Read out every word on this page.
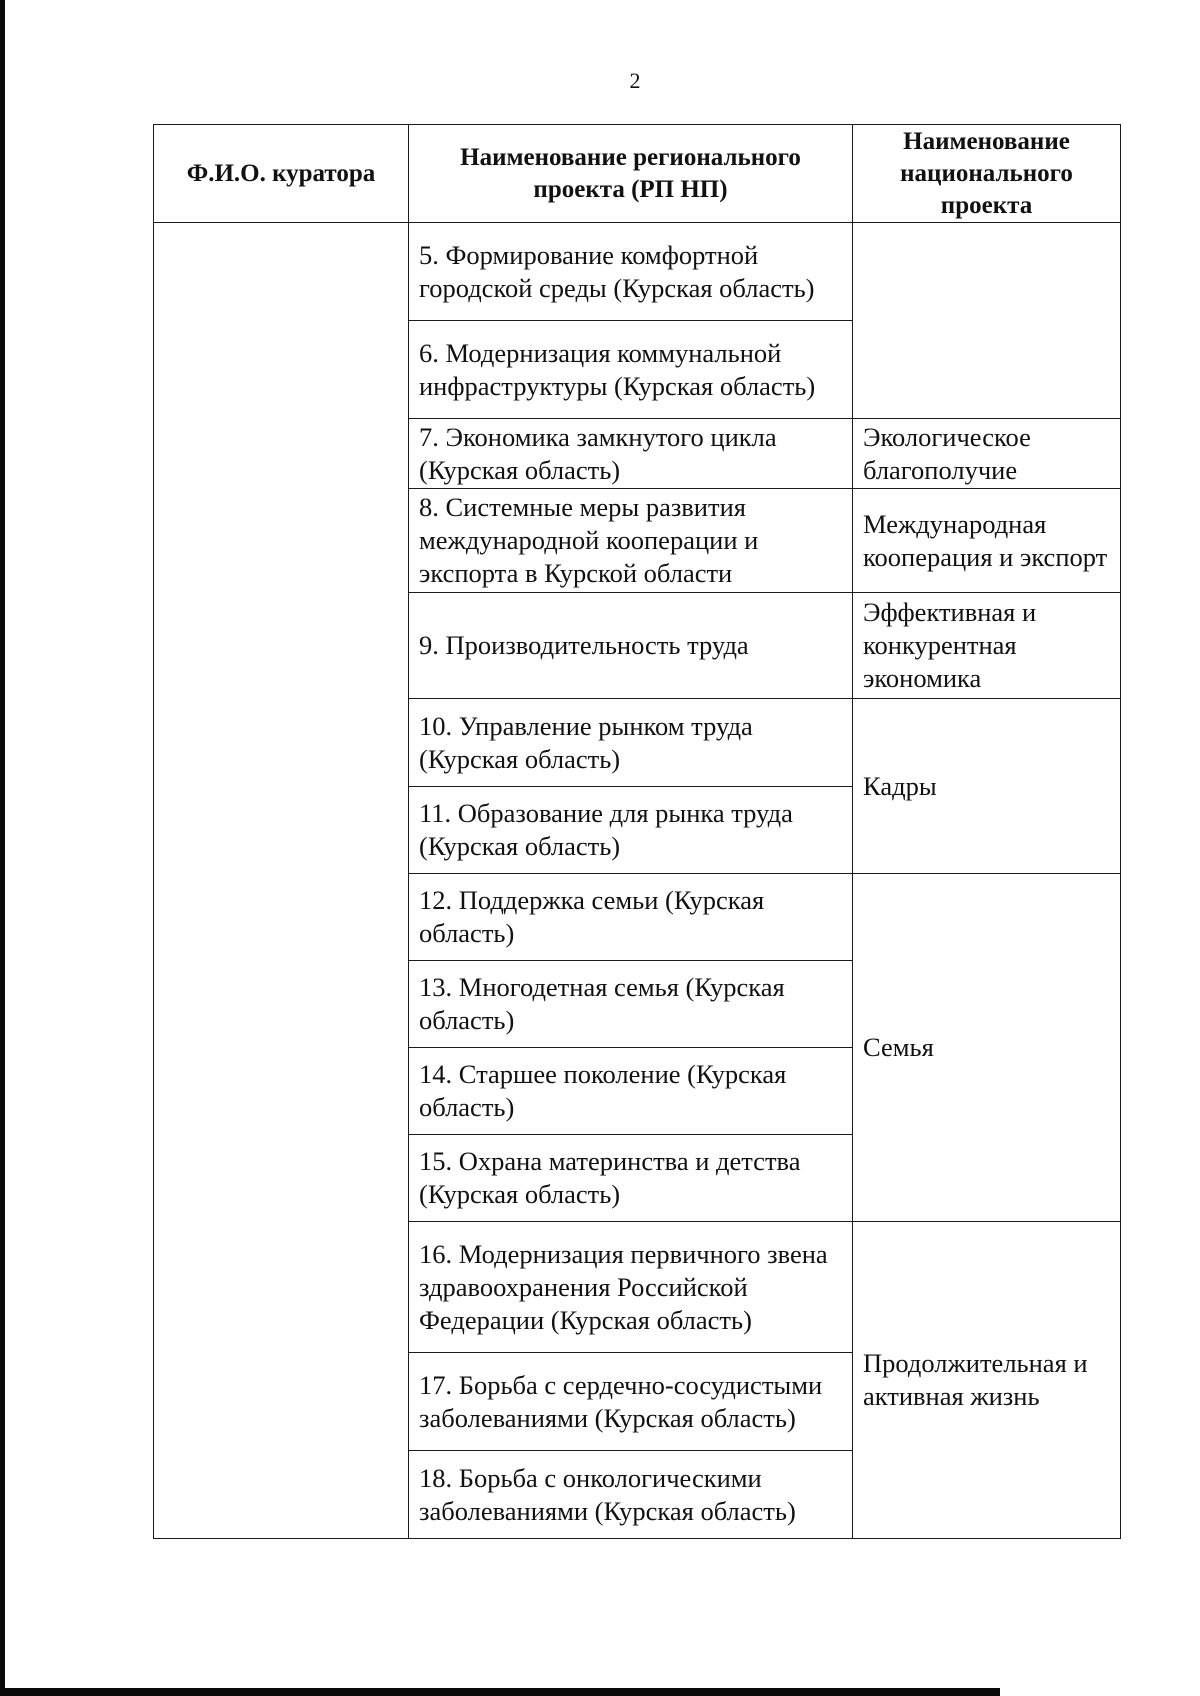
2
Ф.И.О. куратора	Наименование регионального проекта (РП НП)	Наименование национального проекта
	5. Формирование комфортной городской среды (Курская область)	
	6. Модернизация коммунальной инфраструктуры (Курская область)	
	7. Экономика замкнутого цикла (Курская область)	Экологическое благополучие
	8. Системные меры развития международной кооперации и экспорта в Курской области	Международная кооперация и экспорт
	9. Производительность труда	Эффективная и конкурентная экономика
	10. Управление рынком труда (Курская область)	Кадры
	11. Образование для рынка труда (Курская область)	
	12. Поддержка семьи (Курская область)	Семья
	13. Многодетная семья (Курская область)	
	14. Старшее поколение (Курская область)	
	15. Охрана материнства и детства (Курская область)	
	16. Модернизация первичного звена здравоохранения Российской Федерации (Курская область)	Продолжительная и активная жизнь
	17. Борьба с сердечно-сосудистыми заболеваниями (Курская область)	
	18. Борьба с онкологическими заболеваниями (Курская область)	
